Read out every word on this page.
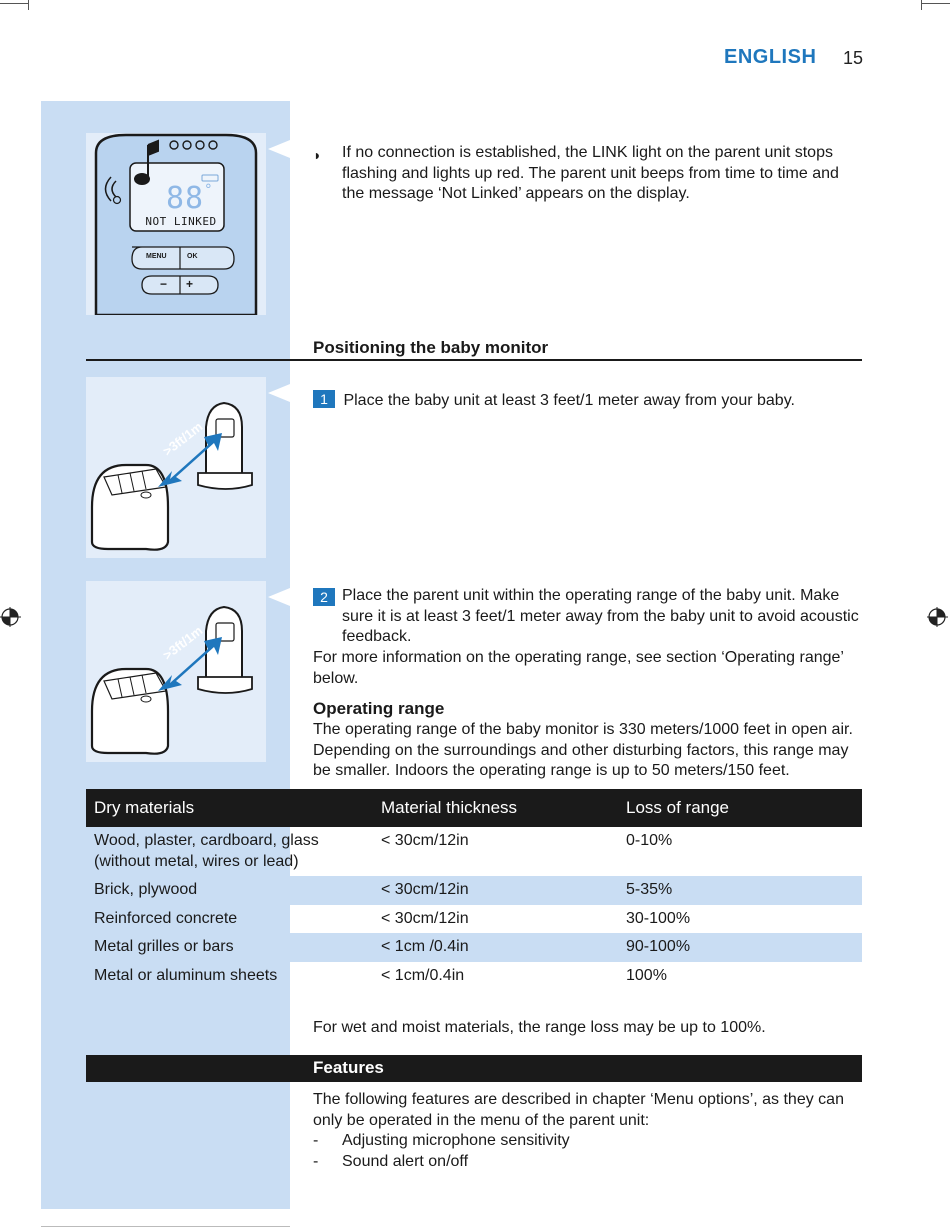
ENGLISH 15
88°
NOT LINKED
MENU	OK
− +
>3ft/1m
>3ft/1m
◗ If no connection is established, the LINK light on the parent unit stops flashing and lights up red. The parent unit beeps from time to time and the message ‘Not Linked’ appears on the display.
Positioning the baby monitor
1 Place the baby unit at least 3 feet/1 meter away from your baby.
2 Place the parent unit within the operating range of the baby unit. Make sure it is at least 3 feet/1 meter away from the baby unit to avoid acoustic feedback.
For more information on the operating range, see section ‘Operating range’ below.
Operating range
The operating range of the baby monitor is 330 meters/1000 feet in open air. Depending on the surroundings and other disturbing factors, this range may be smaller. Indoors the operating range is up to 50 meters/150 feet.
Dry materials	Material thickness	Loss of range
Wood, plaster, cardboard, glass (without metal, wires or lead)	< 30cm/12in	0-10%
Brick, plywood	< 30cm/12in	5-35%
Reinforced concrete	< 30cm/12in	30-100%
Metal grilles or bars	< 1cm /0.4in	90-100%
Metal or aluminum sheets	< 1cm/0.4in	100%
For wet and moist materials, the range loss may be up to 100%.
Features
The following features are described in chapter ‘Menu options’, as they can only be operated in the menu of the parent unit:
- Adjusting microphone sensitivity
- Sound alert on/off
